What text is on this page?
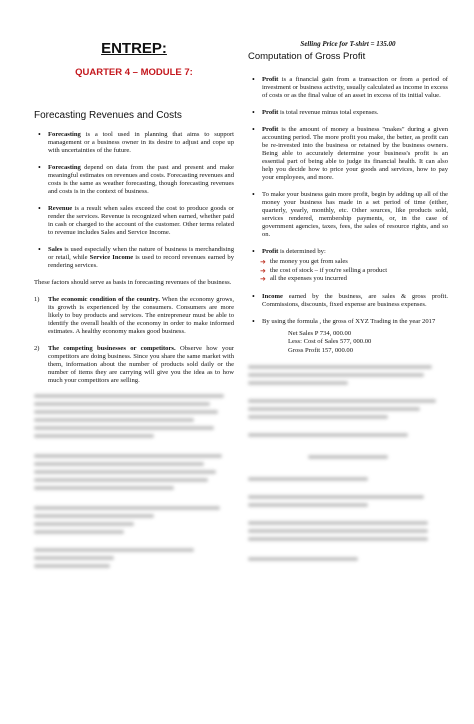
ENTREP:
QUARTER 4 – MODULE 7:
Forecasting Revenues and Costs
• Forecasting is a tool used in planning that aims to support management or a business owner in its desire to adjust and cope up with uncertainties of the future.
• Forecasting depend on data from the past and present and make meaningful estimates on revenues and costs. Forecasting revenues and costs is the same as weather forecasting, though forecasting revenues and costs is in the context of business.
• Revenue is a result when sales exceed the cost to produce goods or render the services. Revenue is recognized when earned, whether paid in cash or charged to the account of the customer. Other terms related to revenue includes Sales and Service Income.
• Sales is used especially when the nature of business is merchandising or retail, while Service Income is used to record revenues earned by rendering services.
These factors should serve as basis in forecasting revenues of the business.
1) The economic condition of the country. When the economy grows, its growth is experienced by the consumers. Consumers are more likely to buy products and services. The entrepreneur must be able to identify the overall health of the economy in order to make informed estimates. A healthy economy makes good business.
2) The competing businesses or competitors. Observe how your competitors are doing business. Since you share the same market with them, information about the number of products sold daily or the number of items they are carrying will give you the idea as to how much your competitors are selling.
Selling Price for T-shirt = 135.00
Computation of Gross Profit
• Profit is a financial gain from a transaction or from a period of investment or business activity, usually calculated as income in excess of costs or as the final value of an asset in excess of its initial value.
• Profit is total revenue minus total expenses.
• Profit is the amount of money a business "makes" during a given accounting period. The more profit you make, the better, as profit can be re-invested into the business or retained by the business owners. Being able to accurately determine your business's profit is an essential part of being able to judge its financial health. It can also help you decide how to price your goods and services, how to pay your employees, and more.
• To make your business gain more profit, begin by adding up all of the money your business has made in a set period of time (either, quarterly, yearly, monthly, etc. Other sources, like products sold, services rendered, membership payments, or, in the case of government agencies, taxes, fees, the sales of resource rights, and so on.
• Profit is determined by:
➜ the money you get from sales
➜ the cost of stock – if you're selling a product
➜ all the expenses you incurred
• Income earned by the business, are sales & gross profit. Commissions, discounts, fixed expense are business expenses.
• By using the formula , the gross of XYZ Trading in the year 2017
Net Sales P 734, 000.00
Less: Cost of Sales 577, 000.00
Gross Profit 157, 000.00
